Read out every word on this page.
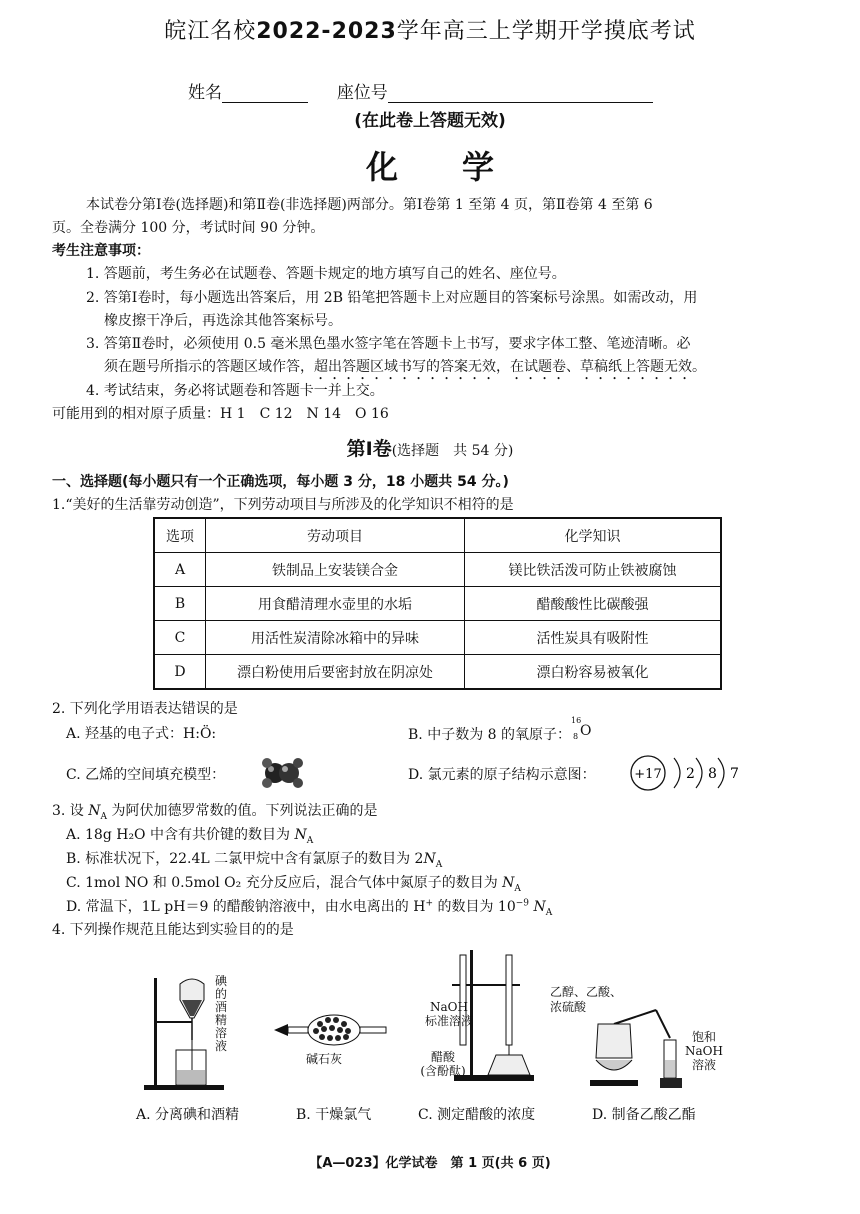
皖江名校2022-2023学年高三上学期开学摸底考试
姓名	座位号
(在此卷上答题无效)
化　　学
本试卷分第Ⅰ卷(选择题)和第Ⅱ卷(非选择题)两部分。第Ⅰ卷第 1 至第 4 页，第Ⅱ卷第 4 至第 6
页。全卷满分 100 分，考试时间 90 分钟。
考生注意事项：
1. 答题前，考生务必在试题卷、答题卡规定的地方填写自己的姓名、座位号。
2. 答第Ⅰ卷时，每小题选出答案后，用 2B 铅笔把答题卡上对应题目的答案标号涂黑。如需改动，用
橡皮擦干净后，再选涂其他答案标号。
3. 答第Ⅱ卷时，必须使用 0.5 毫米黑色墨水签字笔在答题卡上书写，要求字体工整、笔迹清晰。必
须在题号所指示的答题区域作答，超出答题区域书写的答案无效，在试题卷、草稿纸上答题无效。
4. 考试结束，务必将试题卷和答题卡一并上交。
可能用到的相对原子质量：H 1　C 12　N 14　O 16
第Ⅰ卷(选择题　共 54 分)
一、选择题(每小题只有一个正确选项，每小题 3 分，18 小题共 54 分。)
1.“美好的生活靠劳动创造”，下列劳动项目与所涉及的化学知识不相符的是
选项	劳动项目	化学知识
A	铁制品上安装镁合金	镁比铁活泼可防止铁被腐蚀
B	用食醋清理水壶里的水垢	醋酸酸性比碳酸强
C	用活性炭清除冰箱中的异味	活性炭具有吸附性
D	漂白粉使用后要密封放在阴凉处	漂白粉容易被氧化
2. 下列化学用语表达错误的是
A. 羟基的电子式：H:Ö:	B. 中子数为 8 的氧原子：
16
8 O
C. 乙烯的空间填充模型：	D. 氯元素的原子结构示意图：	+17 2 8 7
3. 设 $N_A$ 为阿伏加德罗常数的值。下列说法正确的是
A. 18g H₂O 中含有共价键的数目为 $N_A$
B. 标准状况下，22.4L 二氯甲烷中含有氯原子的数目为 $2N_A$
C. 1mol NO 和 0.5mol O₂ 充分反应后，混合气体中氮原子的数目为 $N_A$
D. 常温下，1L pH＝9 的醋酸钠溶液中，由水电离出的 H+ 的数目为 $10^{-9}$ $N_A$
4. 下列操作规范且能达到实验目的的是
碘
的
酒
精
溶
液
碱石灰
NaOH
标准溶液
醋酸
(含酚酞)
乙醇、乙酸、
浓硫酸
饱和
NaOH
溶液
A. 分离碘和酒精	B. 干燥氯气	C. 测定醋酸的浓度	D. 制备乙酸乙酯
【A—023】化学试卷　第 1 页(共 6 页)
